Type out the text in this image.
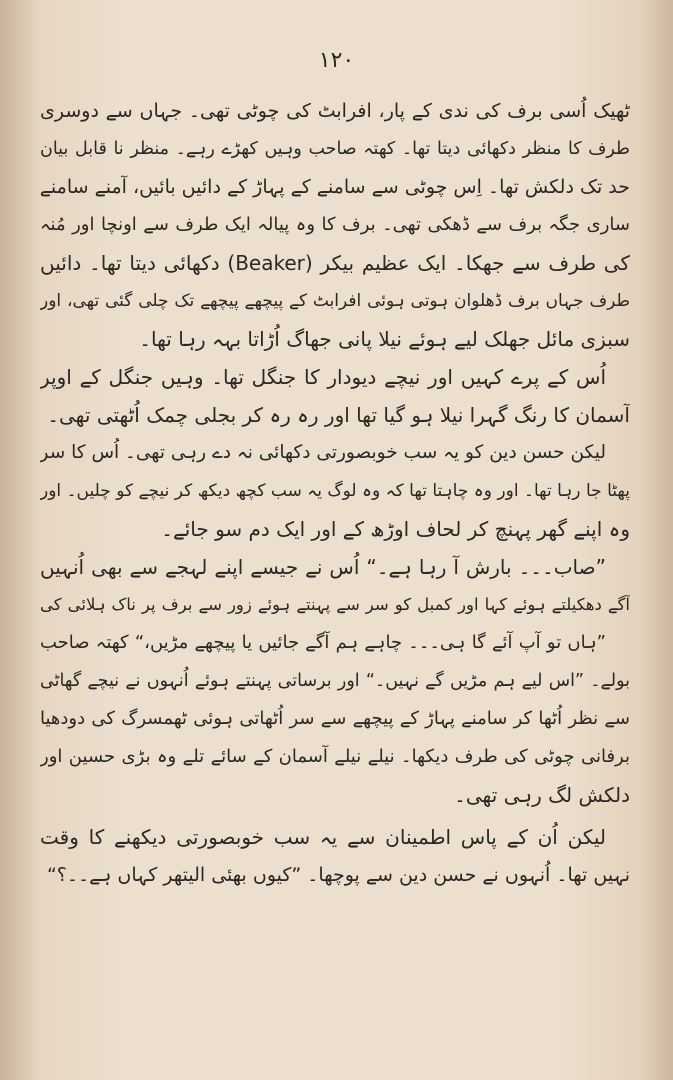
۱۲۰
ٹھیک اُسی برف کی ندی کے پار، افرابٹ کی چوٹی تھی۔ جہاں سے دوسری
طرف کا منظر دکھائی دیتا تھا۔ کھتہ صاحب وہیں کھڑے رہے۔ منظر نا قابل بیان
حد تک دلکش تھا۔ اِس چوٹی سے سامنے کے پہاڑ کے دائیں بائیں، آمنے سامنے
ساری جگہ برف سے ڈھکی تھی۔ برف کا وہ پیالہ ایک طرف سے اونچا اور مُنہ
کی طرف سے جھکا۔ ایک عظیم بیکر (Beaker) دکھائی دیتا تھا۔ دائیں
طرف جہاں برف ڈھلوان ہوتی ہوئی افرابٹ کے پیچھے پیچھے تک چلی گئی تھی، اور
سبزی مائل جھلک لیے ہوئے نیلا پانی جھاگ اُڑاتا بہہ رہا تھا۔
اُس کے پرے کہیں اور نیچے دیودار کا جنگل تھا۔ وہیں جنگل کے اوپر
آسمان کا رنگ گہرا نیلا ہو گیا تھا اور رہ رہ کر بجلی چمک اُٹھتی تھی۔
لیکن حسن دین کو یہ سب خوبصورتی دکھائی نہ دے رہی تھی۔ اُس کا سر
پھٹا جا رہا تھا۔ اور وہ چاہتا تھا کہ وہ لوگ یہ سب کچھ دیکھ کر نیچے کو چلیں۔ اور
وہ اپنے گھر پہنچ کر لحاف اوڑھ کے اور ایک دم سو جائے۔
”صاب۔۔۔ بارش آ رہا ہے۔“ اُس نے جیسے اپنے لہجے سے بھی اُنہیں
آگے دھکیلتے ہوئے کہا اور کمبل کو سر سے پہنتے ہوئے زور سے برف پر ناک ہلائی کی
”ہاں تو آپ آئے گا ہی۔۔۔ چاہے ہم آگے جائیں یا پیچھے مڑیں،“ کھتہ صاحب
بولے۔ ”اس لیے ہم مڑیں گے نہیں۔“ اور برساتی پہنتے ہوئے اُنہوں نے نیچے گھاٹی
سے نظر اُٹھا کر سامنے پہاڑ کے پیچھے سے سر اُٹھاتی ہوئی ٹھمسرگ کی دودھیا
برفانی چوٹی کی طرف دیکھا۔ نیلے نیلے آسمان کے سائے تلے وہ بڑی حسین اور
دلکش لگ رہی تھی۔
لیکن اُن کے پاس اطمینان سے یہ سب خوبصورتی دیکھنے کا وقت
نہیں تھا۔ اُنہوں نے حسن دین سے پوچھا۔ ”کیوں بھئی الیتھر کہاں ہے۔۔؟“
